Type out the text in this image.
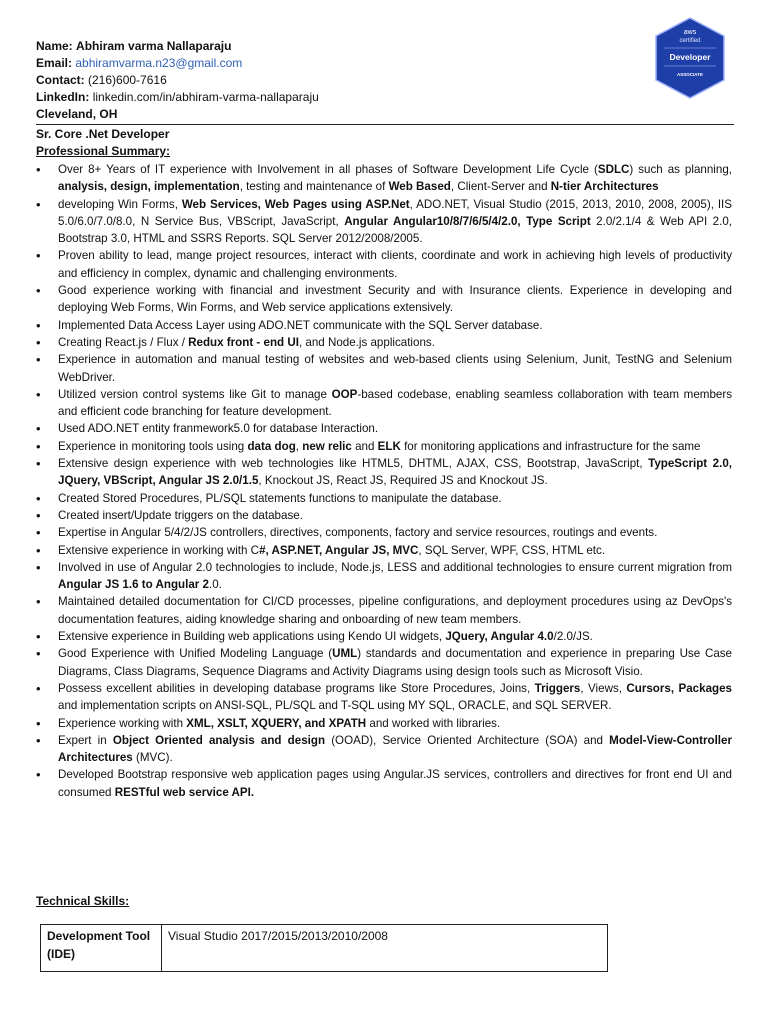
Name: Abhiram varma Nallaparaju
Email: abhiramvarma.n23@gmail.com
Contact: (216)600-7616
LinkedIn: linkedin.com/in/abhiram-varma-nallaparaju
Cleveland, OH
aws
certified
Developer
ASSOCIATE
Sr. Core .Net Developer
Professional Summary:
• Over 8+ Years of IT experience with Involvement in all phases of Software Development Life Cycle (SDLC) such as planning, analysis, design, implementation, testing and maintenance of Web Based, Client-Server and N-tier Architectures
• developing Win Forms, Web Services, Web Pages using ASP.Net, ADO.NET, Visual Studio (2015, 2013, 2010, 2008, 2005), IIS 5.0/6.0/7.0/8.0, N Service Bus, VBScript, JavaScript, Angular Angular10/8/7/6/5/4/2.0, Type Script 2.0/2.1/4 & Web API 2.0, Bootstrap 3.0, HTML and SSRS Reports. SQL Server 2012/2008/2005.
• Proven ability to lead, mange project resources, interact with clients, coordinate and work in achieving high levels of productivity and efficiency in complex, dynamic and challenging environments.
• Good experience working with financial and investment Security and with Insurance clients. Experience in developing and deploying Web Forms, Win Forms, and Web service applications extensively.
• Implemented Data Access Layer using ADO.NET communicate with the SQL Server database.
• Creating React.js / Flux / Redux front - end UI, and Node.js applications.
• Experience in automation and manual testing of websites and web-based clients using Selenium, Junit, TestNG and Selenium WebDriver.
• Utilized version control systems like Git to manage OOP-based codebase, enabling seamless collaboration with team members and efficient code branching for feature development.
• Used ADO.NET entity franmework5.0 for database Interaction.
• Experience in monitoring tools using data dog, new relic and ELK for monitoring applications and infrastructure for the same
• Extensive design experience with web technologies like HTML5, DHTML, AJAX, CSS, Bootstrap, JavaScript, TypeScript 2.0, JQuery, VBScript, Angular JS 2.0/1.5, Knockout JS, React JS, Required JS and Knockout JS.
• Created Stored Procedures, PL/SQL statements functions to manipulate the database.
• Created insert/Update triggers on the database.
• Expertise in Angular 5/4/2/JS controllers, directives, components, factory and service resources, routings and events.
• Extensive experience in working with C#, ASP.NET, Angular JS, MVC, SQL Server, WPF, CSS, HTML etc.
• Involved in use of Angular 2.0 technologies to include, Node.js, LESS and additional technologies to ensure current migration from Angular JS 1.6 to Angular 2.0.
• Maintained detailed documentation for CI/CD processes, pipeline configurations, and deployment procedures using az DevOps's documentation features, aiding knowledge sharing and onboarding of new team members.
• Extensive experience in Building web applications using Kendo UI widgets, JQuery, Angular 4.0/2.0/JS.
• Good Experience with Unified Modeling Language (UML) standards and documentation and experience in preparing Use Case Diagrams, Class Diagrams, Sequence Diagrams and Activity Diagrams using design tools such as Microsoft Visio.
• Possess excellent abilities in developing database programs like Store Procedures, Joins, Triggers, Views, Cursors, Packages and implementation scripts on ANSI-SQL, PL/SQL and T-SQL using MY SQL, ORACLE, and SQL SERVER.
• Experience working with XML, XSLT, XQUERY, and XPATH and worked with libraries.
• Expert in Object Oriented analysis and design (OOAD), Service Oriented Architecture (SOA) and Model-View-Controller Architectures (MVC).
• Developed Bootstrap responsive web application pages using Angular.JS services, controllers and directives for front end UI and consumed RESTful web service API.
Technical Skills:
Development Tool (IDE)	Visual Studio 2017/2015/2013/2010/2008
